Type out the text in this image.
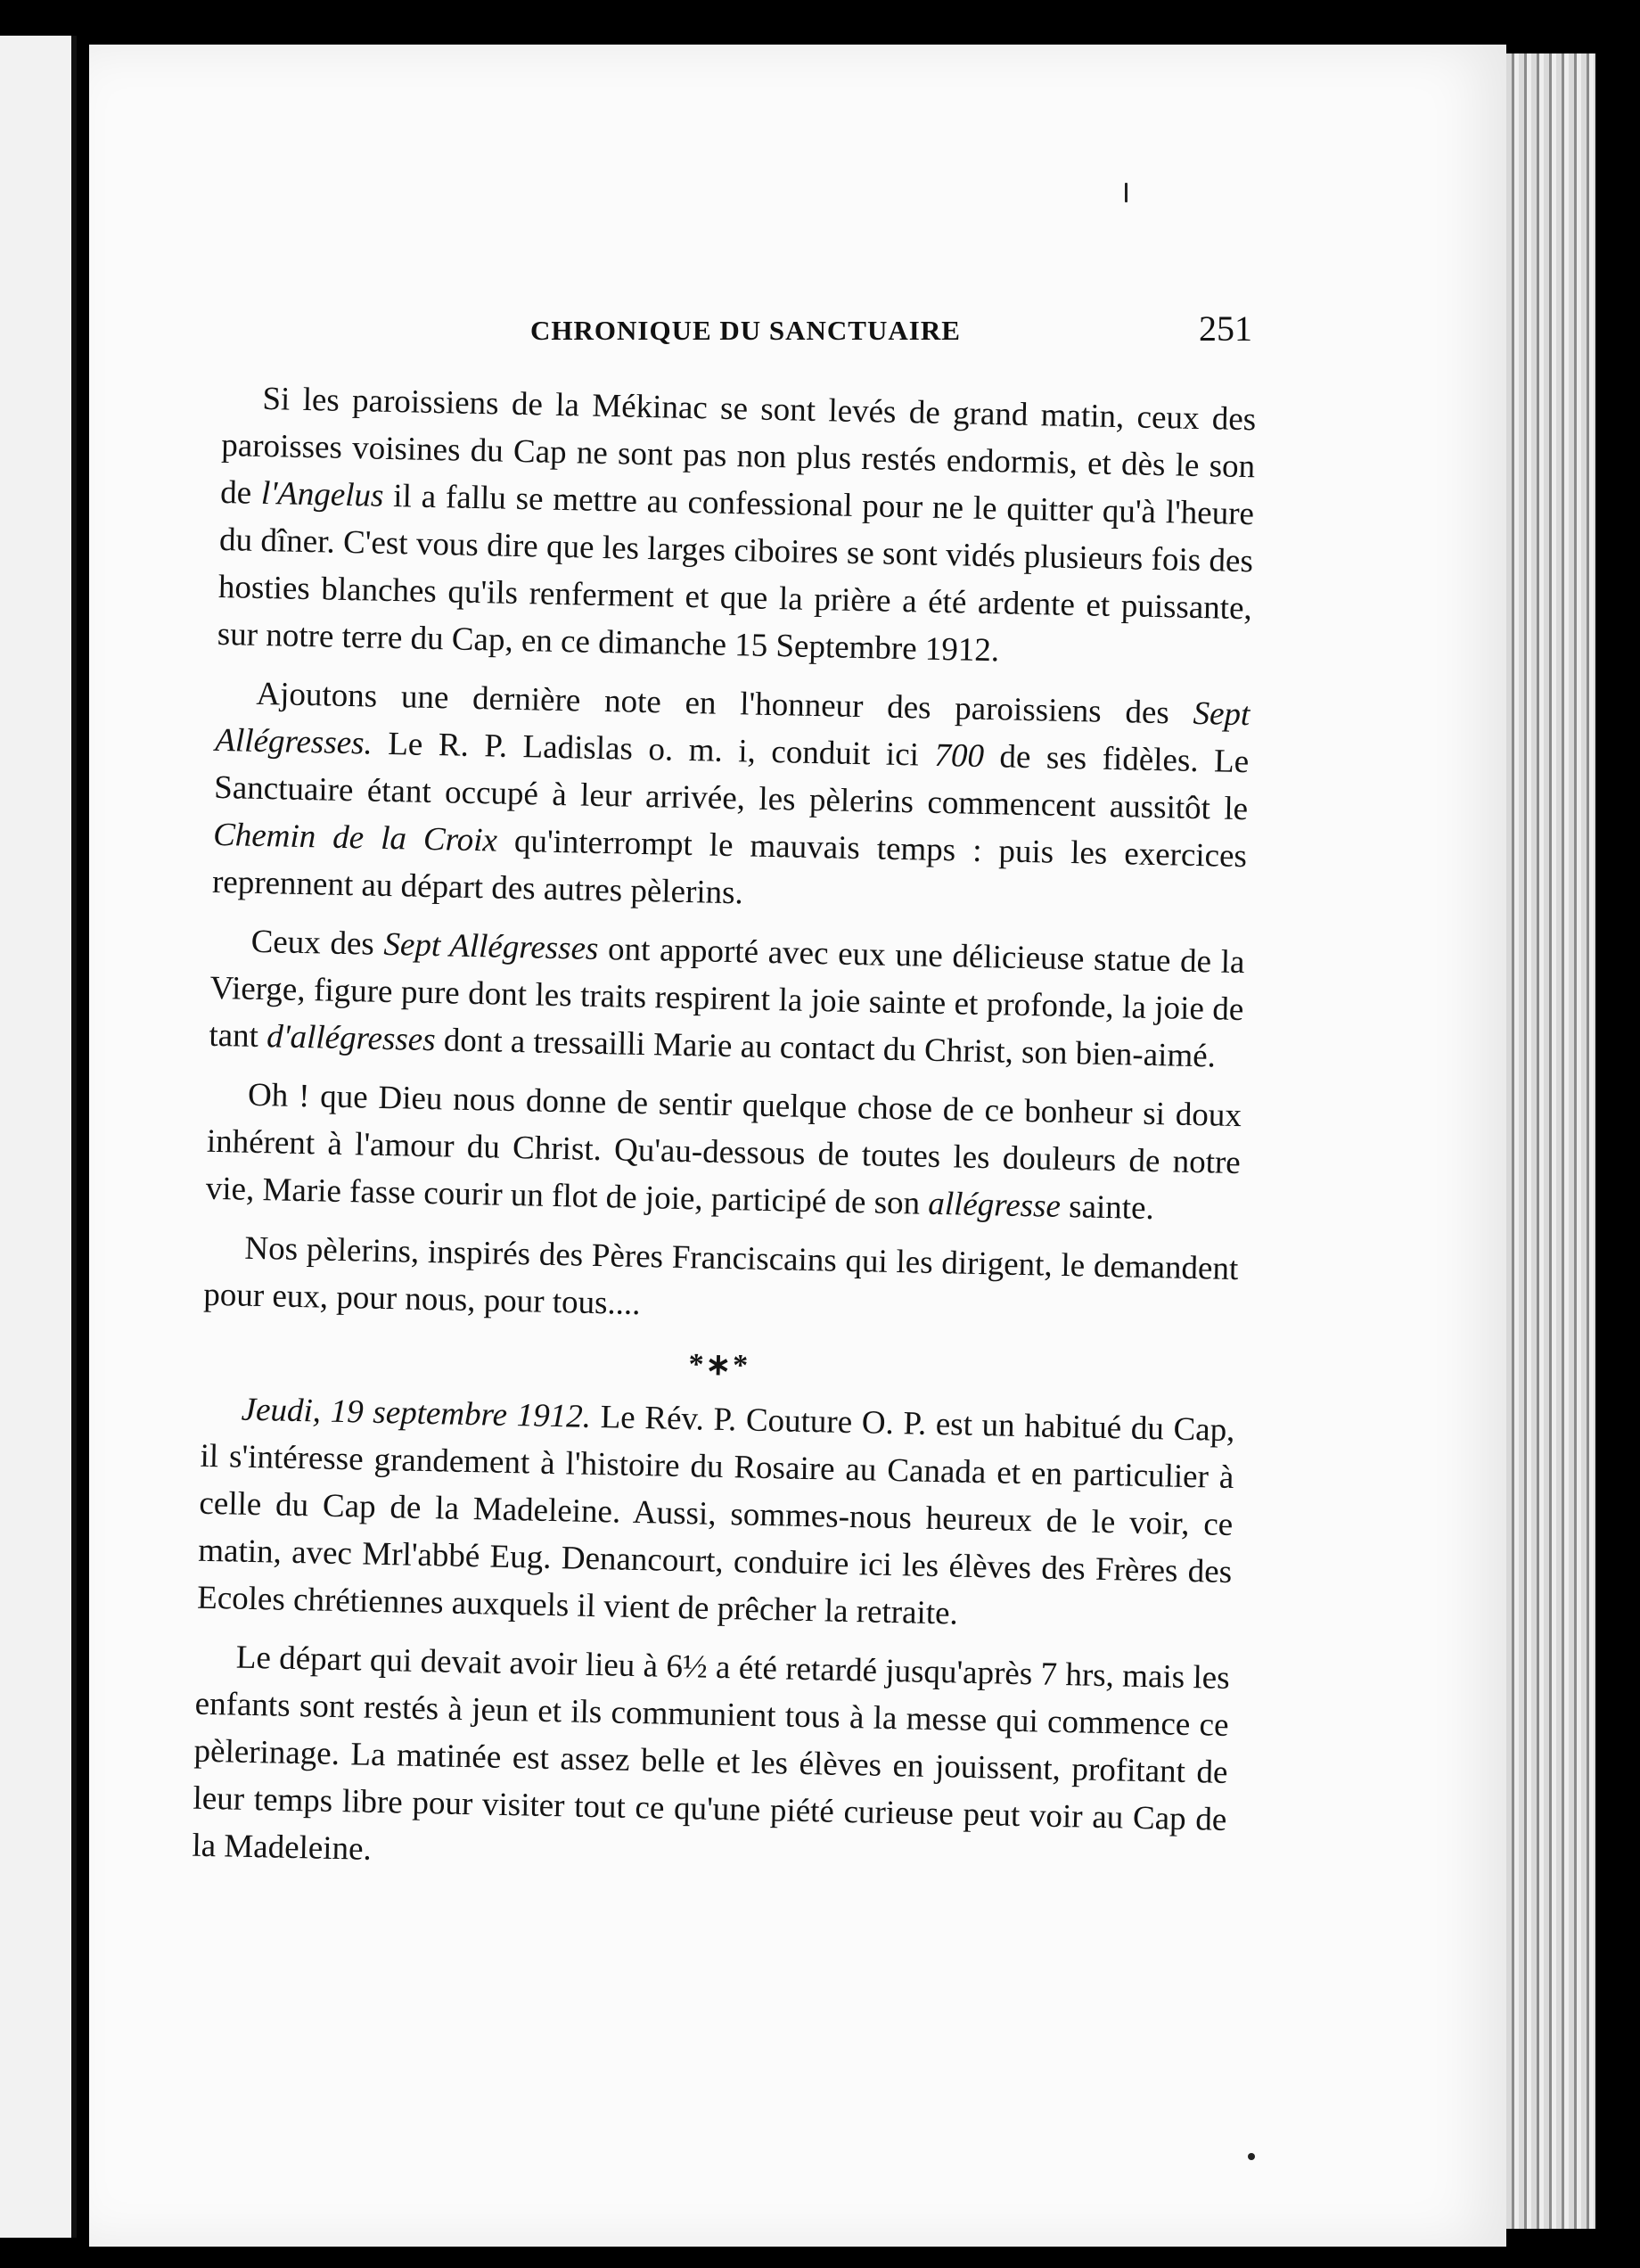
CHRONIQUE DU SANCTUAIRE	251

Si les paroissiens de la Mékinac se sont levés de grand matin, ceux des paroisses voisines du Cap ne sont pas non plus restés endormis, et dès le son de l'Angelus il a fallu se mettre au confessional pour ne le quitter qu'à l'heure du dîner. C'est vous dire que les larges ciboires se sont vidés plusieurs fois des hosties blanches qu'ils renferment et que la prière a été ardente et puissante, sur notre terre du Cap, en ce dimanche 15 Septembre 1912.

Ajoutons une dernière note en l'honneur des paroissiens des Sept Allégresses. Le R. P. Ladislas o. m. i, conduit ici 700 de ses fidèles. Le Sanctuaire étant occupé à leur arrivée, les pèlerins commencent aussitôt le Chemin de la Croix qu'interrompt le mauvais temps : puis les exercices reprennent au départ des autres pèlerins.

Ceux des Sept Allégresses ont apporté avec eux une délicieuse statue de la Vierge, figure pure dont les traits respirent la joie sainte et profonde, la joie de tant d'allégresses dont a tressailli Marie au contact du Christ, son bien-aimé.

Oh ! que Dieu nous donne de sentir quelque chose de ce bonheur si doux inhérent à l'amour du Christ. Qu'au-dessous de toutes les douleurs de notre vie, Marie fasse courir un flot de joie, participé de son allégresse sainte.

Nos pèlerins, inspirés des Pères Franciscains qui les dirigent, le demandent pour eux, pour nous, pour tous....

*∗*

Jeudi, 19 septembre 1912. Le Rév. P. Couture O. P. est un habitué du Cap, il s'intéresse grandement à l'histoire du Rosaire au Canada et en particulier à celle du Cap de la Madeleine. Aussi, sommes-nous heureux de le voir, ce matin, avec Mrl'abbé Eug. Denancourt, conduire ici les élèves des Frères des Ecoles chrétiennes auxquels il vient de prêcher la retraite.

Le départ qui devait avoir lieu à 6½ a été retardé jusqu'après 7 hrs, mais les enfants sont restés à jeun et ils communient tous à la messe qui commence ce pèlerinage. La matinée est assez belle et les élèves en jouissent, profitant de leur temps libre pour visiter tout ce qu'une piété curieuse peut voir au Cap de la Madeleine.
